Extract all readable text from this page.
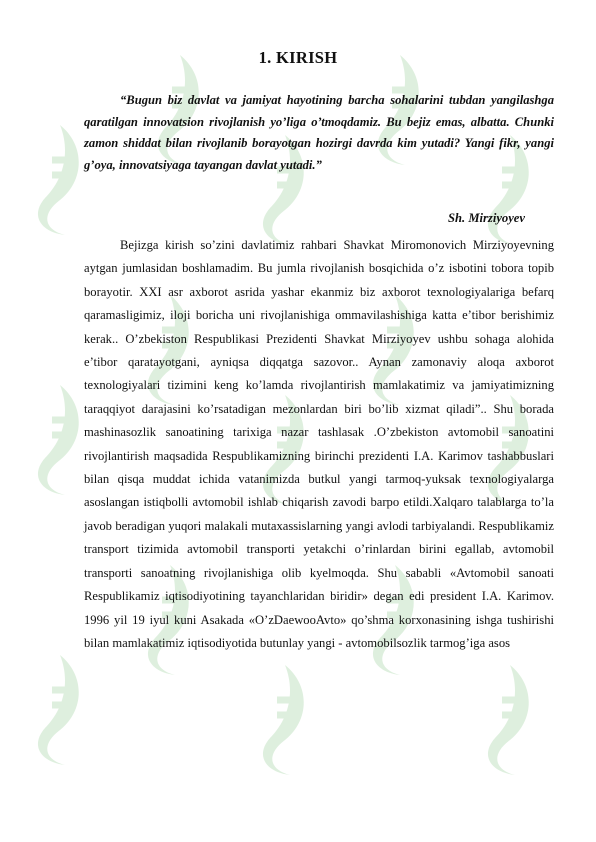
1. KIRISH
“Bugun biz davlat va jamiyat hayotining barcha sohalarini tubdan yangilashga qaratilgan innovatsion rivojlanish yo’liga o’tmoqdamiz. Bu bejiz emas, albatta. Chunki zamon shiddat bilan rivojlanib borayotgan hozirgi davrda kim yutadi? Yangi fikr, yangi g’oya, innovatsiyaga tayangan davlat yutadi.”
Sh. Mirziyoyev
Bejizga kirish so’zini davlatimiz rahbari Shavkat Miromonovich Mirziyoyevning aytgan jumlasidan boshlamadim. Bu jumla rivojlanish bosqichida o’z isbotini tobora topib borayotir. XXI asr axborot asrida yashar ekanmiz biz axborot texnologiyalariga befarq qaramasligimiz, iloji boricha uni rivojlanishiga ommavilashishiga katta e’tibor berishimiz kerak.. O’zbekiston Respublikasi Prezidenti Shavkat Mirziyoyev ushbu sohaga alohida e’tibor qaratayotgani, ayniqsa diqqatga sazovor.. Aynan zamonaviy aloqa axborot texnologiyalari tizimini keng ko’lamda rivojlantirish mamlakatimiz va jamiyatimizning taraqqiyot darajasini ko’rsatadigan mezonlardan biri bo’lib xizmat qiladi”.. Shu borada mashinasozlik sanoatining tarixiga nazar tashlasak .O’zbekiston avtomobil sanoatini rivojlantirish maqsadida Respublikamizning birinchi prezidenti I.A. Karimov tashabbuslari bilan qisqa muddat ichida vatanimizda butkul yangi tarmoq-yuksak texnologiyalarga asoslangan istiqbolli avtomobil ishlab chiqarish zavodi barpo etildi.Xalqaro talablarga to’la javob beradigan yuqori malakali mutaxassislarning yangi avlodi tarbiyalandi. Respublikamiz transport tizimida avtomobil transporti yetakchi o’rinlardan birini egallab, avtomobil transporti sanoatning rivojlanishiga olib kyelmoqda. Shu sababli «Avtomobil sanoati Respublikamiz iqtisodiyotining tayanchlaridan biridir» degan edi president I.A. Karimov. 1996 yil 19 iyul kuni Asakada «O’zDaewooAvto» qo’shma korxonasining ishga tushirishi bilan mamlakatimiz iqtisodiyotida butunlay yangi - avtomobilsozlik tarmog’iga asos
